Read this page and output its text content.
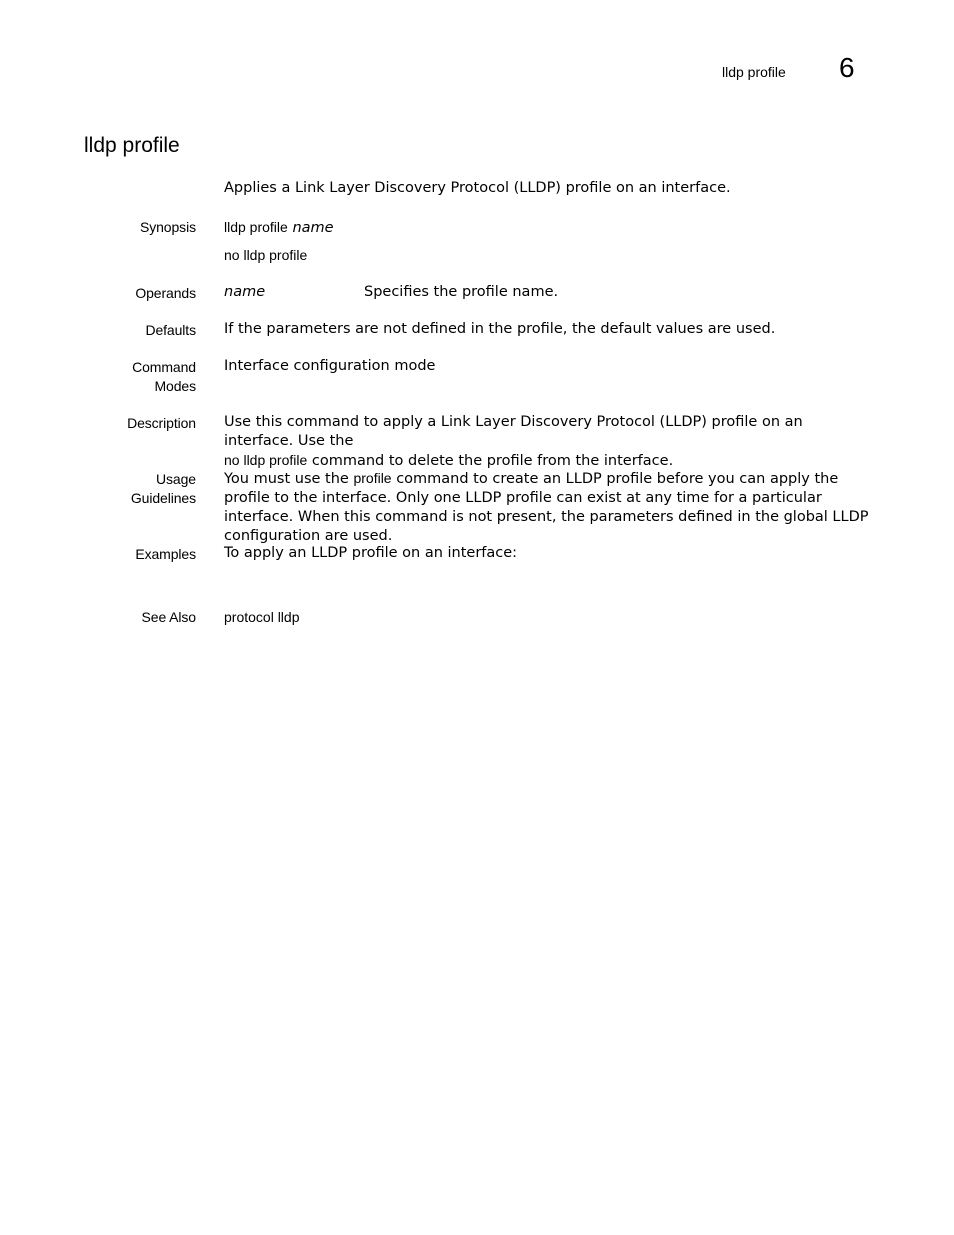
lldp profile 6
lldp profile
Applies a Link Layer Discovery Protocol (LLDP) profile on an interface.
Synopsis lldp profile name
no lldp profile
Operands name	Specifies the profile name.
Defaults If the parameters are not defined in the profile, the default values are used.
Command
Modes
Interface configuration mode
Description Use this command to apply a Link Layer Discovery Protocol (LLDP) profile on an interface. Use the
no lldp profile command to delete the profile from the interface.
Usage
Guidelines
You must use the profile command to create an LLDP profile before you can apply the profile to the interface. Only one LLDP profile can exist at any time for a particular interface. When this command is not present, the parameters defined in the global LLDP configuration are used.
Examples To apply an LLDP profile on an interface:
See Also protocol lldp
